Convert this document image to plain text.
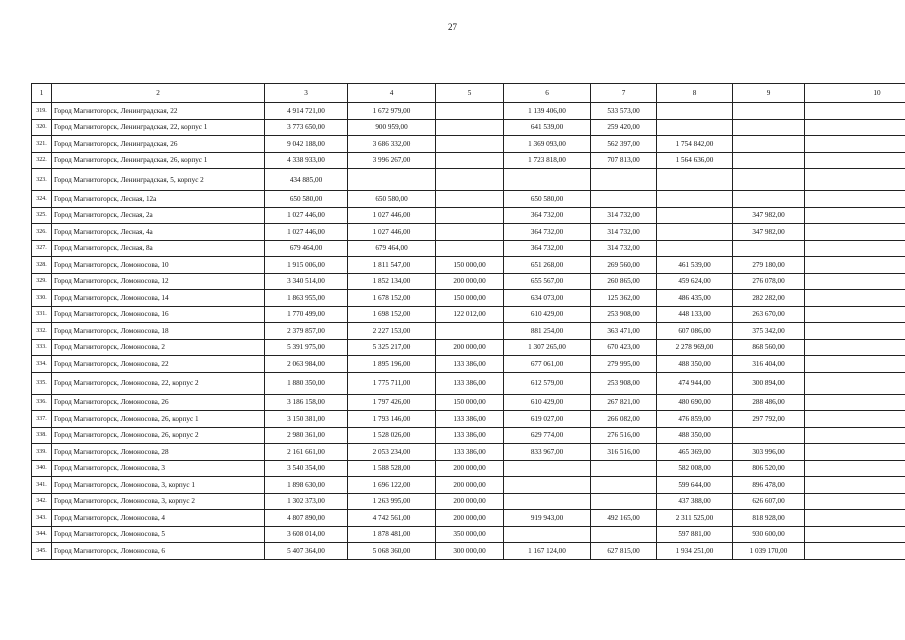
27
1	2	3	4	5	6	7	8	9	10
319.	Город Магнитогорск, Ленинградская, 22	4 914 721,00	1 672 979,00		1 139 406,00	533 573,00			
320.	Город Магнитогорск, Ленинградская, 22, корпус 1	3 773 650,00	900 959,00		641 539,00	259 420,00			
321.	Город Магнитогорск, Ленинградская, 26	9 042 188,00	3 686 332,00		1 369 093,00	562 397,00	1 754 842,00		
322.	Город Магнитогорск, Ленинградская, 26, корпус 1	4 338 933,00	3 996 267,00		1 723 818,00	707 813,00	1 564 636,00		
323.	Город Магнитогорск, Ленинградская, 5, корпус 2	434 885,00							
324.	Город Магнитогорск, Лесная, 12а	650 580,00	650 580,00		650 580,00				
325.	Город Магнитогорск, Лесная, 2а	1 027 446,00	1 027 446,00		364 732,00	314 732,00		347 982,00	
326.	Город Магнитогорск, Лесная, 4а	1 027 446,00	1 027 446,00		364 732,00	314 732,00		347 982,00	
327.	Город Магнитогорск, Лесная, 8а	679 464,00	679 464,00		364 732,00	314 732,00			
328.	Город Магнитогорск, Ломоносова, 10	1 915 006,00	1 811 547,00	150 000,00	651 268,00	269 560,00	461 539,00	279 180,00	
329.	Город Магнитогорск, Ломоносова, 12	3 340 514,00	1 852 134,00	200 000,00	655 567,00	260 865,00	459 624,00	276 078,00	
330.	Город Магнитогорск, Ломоносова, 14	1 863 955,00	1 678 152,00	150 000,00	634 073,00	125 362,00	486 435,00	282 282,00	
331.	Город Магнитогорск, Ломоносова, 16	1 770 499,00	1 698 152,00	122 012,00	610 429,00	253 908,00	448 133,00	263 670,00	
332.	Город Магнитогорск, Ломоносова, 18	2 379 857,00	2 227 153,00		881 254,00	363 471,00	607 086,00	375 342,00	
333.	Город Магнитогорск, Ломоносова, 2	5 391 975,00	5 325 217,00	200 000,00	1 307 265,00	670 423,00	2 278 969,00	868 560,00	
334.	Город Магнитогорск, Ломоносова, 22	2 063 984,00	1 895 196,00	133 386,00	677 061,00	279 995,00	488 350,00	316 404,00	
335.	Город Магнитогорск, Ломоносова, 22, корпус 2	1 880 350,00	1 775 711,00	133 386,00	612 579,00	253 908,00	474 944,00	300 894,00	
336.	Город Магнитогорск, Ломоносова, 26	3 186 158,00	1 797 426,00	150 000,00	610 429,00	267 821,00	480 690,00	288 486,00	
337.	Город Магнитогорск, Ломоносова, 26, корпус 1	3 150 381,00	1 793 146,00	133 386,00	619 027,00	266 082,00	476 859,00	297 792,00	
338.	Город Магнитогорск, Ломоносова, 26, корпус 2	2 980 361,00	1 528 026,00	133 386,00	629 774,00	276 516,00	488 350,00		
339.	Город Магнитогорск, Ломоносова, 28	2 161 661,00	2 053 234,00	133 386,00	833 967,00	316 516,00	465 369,00	303 996,00	
340.	Город Магнитогорск, Ломоносова, 3	3 540 354,00	1 588 528,00	200 000,00			582 008,00	806 520,00	
341.	Город Магнитогорск, Ломоносова, 3, корпус 1	1 898 630,00	1 696 122,00	200 000,00			599 644,00	896 478,00	
342.	Город Магнитогорск, Ломоносова, 3, корпус 2	1 302 373,00	1 263 995,00	200 000,00			437 388,00	626 607,00	
343.	Город Магнитогорск, Ломоносова, 4	4 807 890,00	4 742 561,00	200 000,00	919 943,00	492 165,00	2 311 525,00	818 928,00	
344.	Город Магнитогорск, Ломоносова, 5	3 608 014,00	1 878 481,00	350 000,00			597 881,00	930 600,00	
345.	Город Магнитогорск, Ломоносова, 6	5 407 364,00	5 068 360,00	300 000,00	1 167 124,00	627 815,00	1 934 251,00	1 039 170,00	
